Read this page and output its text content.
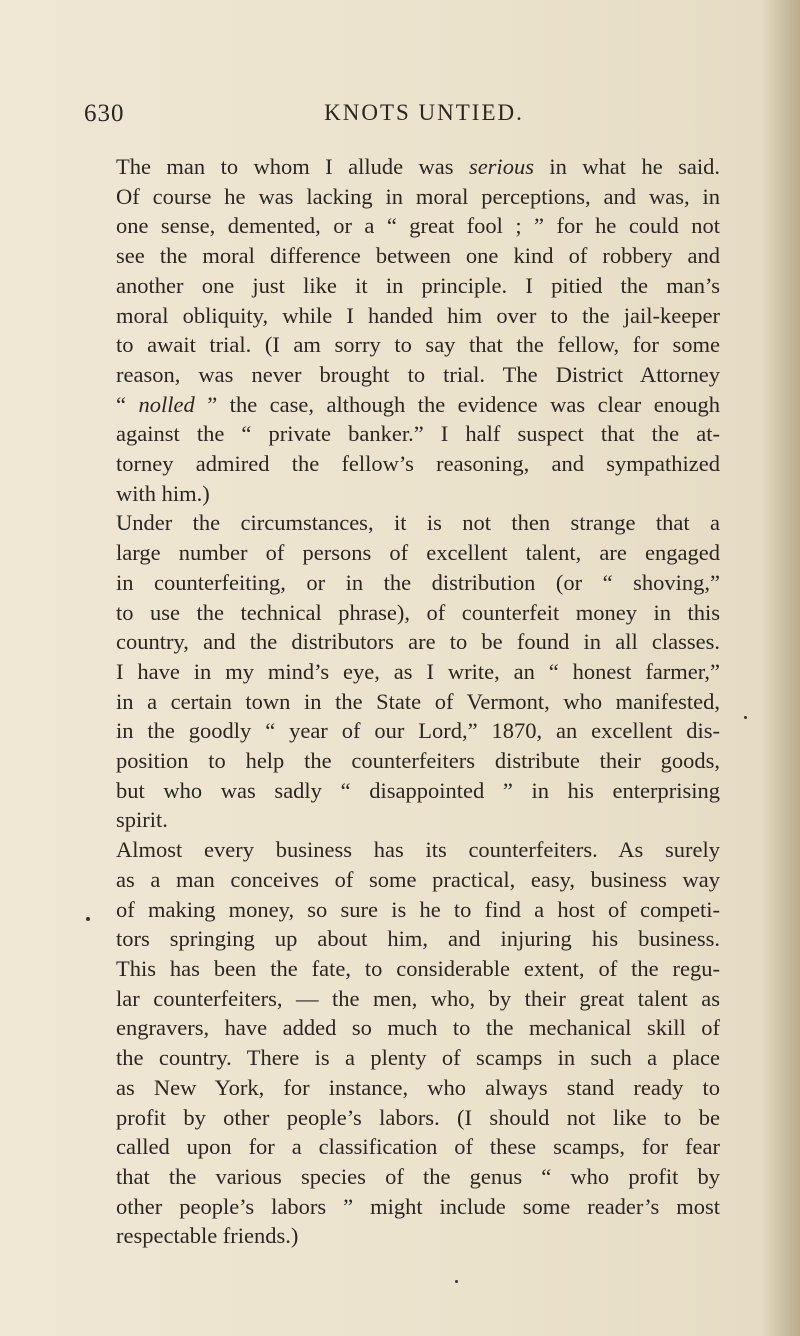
630	KNOTS UNTIED.
The man to whom I allude was serious in what he said.
Of course he was lacking in moral perceptions, and was, in
one sense, demented, or a “ great fool ; ” for he could not
see the moral difference between one kind of robbery and
another one just like it in principle. I pitied the man’s
moral obliquity, while I handed him over to the jail-keeper
to await trial. (I am sorry to say that the fellow, for some
reason, was never brought to trial. The District Attorney
“ nolled ” the case, although the evidence was clear enough
against the “ private banker.” I half suspect that the at-
torney admired the fellow’s reasoning, and sympathized
with him.)
Under the circumstances, it is not then strange that a
large number of persons of excellent talent, are engaged
in counterfeiting, or in the distribution (or “ shoving,”
to use the technical phrase), of counterfeit money in this
country, and the distributors are to be found in all classes.
I have in my mind’s eye, as I write, an “ honest farmer,”
in a certain town in the State of Vermont, who manifested,
in the goodly “ year of our Lord,” 1870, an excellent dis-
position to help the counterfeiters distribute their goods,
but who was sadly “ disappointed ” in his enterprising
spirit.
Almost every business has its counterfeiters. As surely
as a man conceives of some practical, easy, business way
of making money, so sure is he to find a host of competi-
tors springing up about him, and injuring his business.
This has been the fate, to considerable extent, of the regu-
lar counterfeiters, — the men, who, by their great talent as
engravers, have added so much to the mechanical skill of
the country. There is a plenty of scamps in such a place
as New York, for instance, who always stand ready to
profit by other people’s labors. (I should not like to be
called upon for a classification of these scamps, for fear
that the various species of the genus “ who profit by
other people’s labors ” might include some reader’s most
respectable friends.)
